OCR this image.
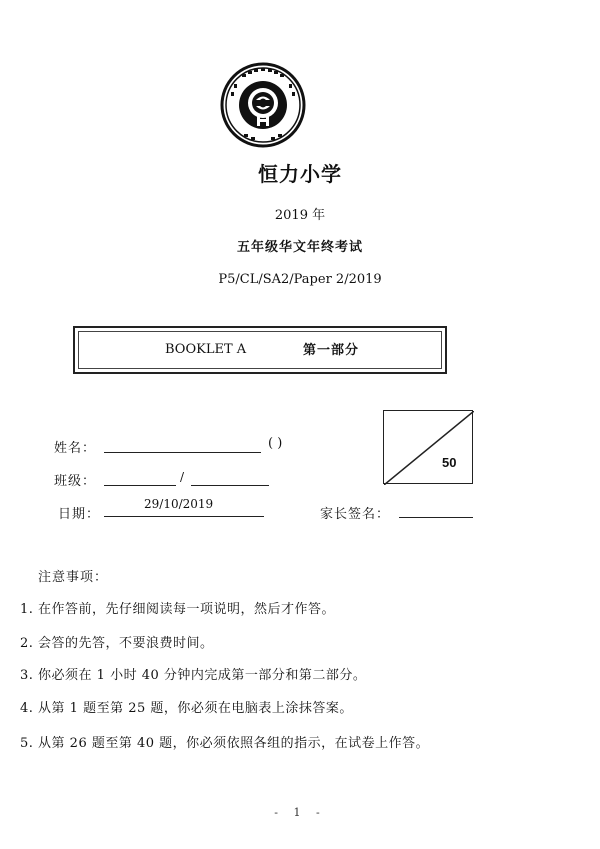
恒力小学
2019 年
五年级华文年终考试
P5/CL/SA2/Paper 2/2019
BOOKLET A	第一部分
50
姓名：	( )
班级：	/
日期：
29/10/2019
家长签名：
注意事项：
1. 在作答前，先仔细阅读每一项说明，然后才作答。
2. 会答的先答，不要浪费时间。
3. 你必须在 1 小时 40 分钟内完成第一部分和第二部分。
4. 从第 1 题至第 25 题，你必须在电脑表上涂抹答案。
5. 从第 26 题至第 40 题，你必须依照各组的指示，在试卷上作答。
- 1 -
